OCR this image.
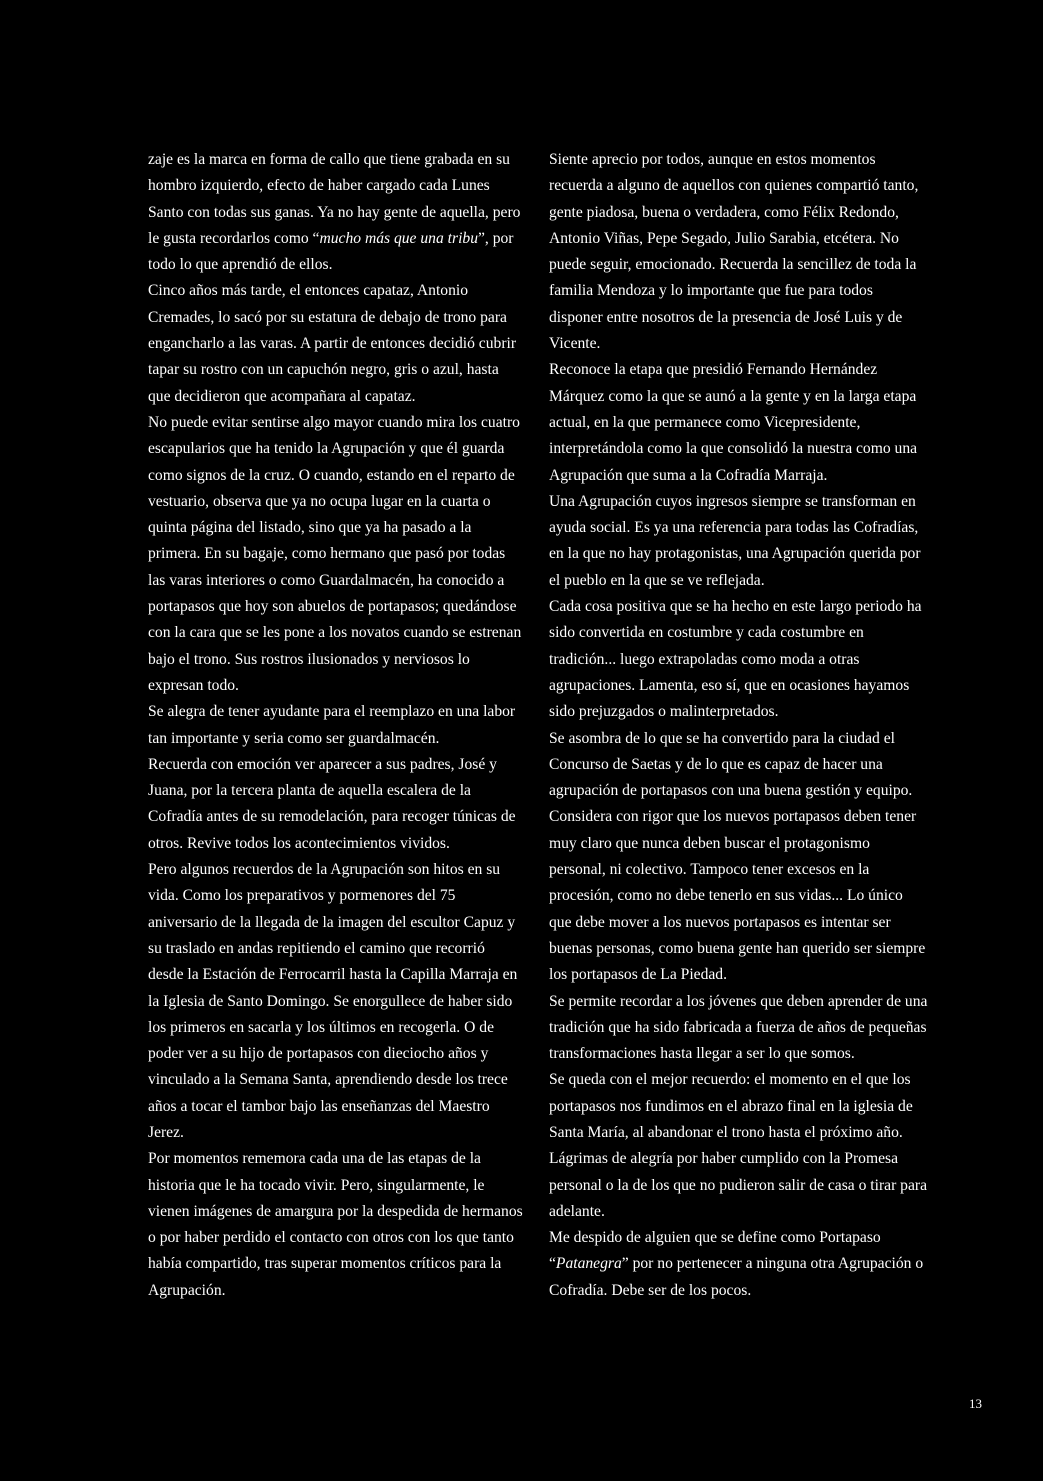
zaje es la marca en forma de callo que tiene grabada en su hombro izquierdo, efecto de haber cargado cada Lunes Santo con todas sus ganas. Ya no hay gente de aquella, pero le gusta recordarlos como “mucho más que una tribu”, por todo lo que aprendió de ellos.

Cinco años más tarde, el entonces capataz, Antonio Cremades, lo sacó por su estatura de debajo de trono para engancharlo a las varas. A partir de entonces decidió cubrir tapar su rostro con un capuchón negro, gris o azul, hasta que decidieron que acompañara al capataz.

No puede evitar sentirse algo mayor cuando mira los cuatro escapularios que ha tenido la Agrupación y que él guarda como signos de la cruz. O cuando, estando en el reparto de vestuario, observa que ya no ocupa lugar en la cuarta o quinta página del listado, sino que ya ha pasado a la primera. En su bagaje, como hermano que pasó por todas las varas interiores o como Guardalmacén, ha conocido a portapasos que hoy son abuelos de portapasos; quedándose con la cara que se les pone a los novatos cuando se estrenan bajo el trono. Sus rostros ilusionados y nerviosos lo expresan todo.

Se alegra de tener ayudante para el reemplazo en una labor tan importante y seria como ser guardalmacén.

Recuerda con emoción ver aparecer a sus padres, José y Juana, por la tercera planta de aquella escalera de la Cofradía antes de su remodelación, para recoger túnicas de otros. Revive todos los acontecimientos vividos.

Pero algunos recuerdos de la Agrupación son hitos en su vida. Como los preparativos y pormenores del 75 aniversario de la llegada de la imagen del escultor Capuz y su traslado en andas repitiendo el camino que recorrió desde la Estación de Ferrocarril hasta la Capilla Marraja en la Iglesia de Santo Domingo. Se enorgullece de haber sido los primeros en sacarla y los últimos en recogerla. O de poder ver a su hijo de portapasos con dieciocho años y vinculado a la Semana Santa, aprendiendo desde los trece años a tocar el tambor bajo las enseñanzas del Maestro Jerez.

Por momentos rememora cada una de las etapas de la historia que le ha tocado vivir. Pero, singularmente, le vienen imágenes de amargura por la despedida de hermanos o por haber perdido el contacto con otros con los que tanto había compartido, tras superar momentos críticos para la Agrupación.

Siente aprecio por todos, aunque en estos momentos recuerda a alguno de aquellos con quienes compartió tanto, gente piadosa, buena o verdadera, como Félix Redondo, Antonio Viñas, Pepe Segado, Julio Sarabia, etcétera. No puede seguir, emocionado. Recuerda la sencillez de toda la familia Mendoza y lo importante que fue para todos disponer entre nosotros de la presencia de José Luis y de Vicente.

Reconoce la etapa que presidió Fernando Hernández Márquez como la que se aunó a la gente y en la larga etapa actual, en la que permanece como Vicepresidente, interpretándola como la que consolidó la nuestra como una Agrupación que suma a la Cofradía Marraja.

Una Agrupación cuyos ingresos siempre se transforman en ayuda social. Es ya una referencia para todas las Cofradías, en la que no hay protagonistas, una Agrupación querida por el pueblo en la que se ve reflejada.

Cada cosa positiva que se ha hecho en este largo periodo ha sido convertida en costumbre y cada costumbre en tradición... luego extrapoladas como moda a otras agrupaciones. Lamenta, eso sí, que en ocasiones hayamos sido prejuzgados o malinterpretados.

Se asombra de lo que se ha convertido para la ciudad el Concurso de Saetas y de lo que es capaz de hacer una agrupación de portapasos con una buena gestión y equipo. Considera con rigor que los nuevos portapasos deben tener muy claro que nunca deben buscar el protagonismo personal, ni colectivo. Tampoco tener excesos en la procesión, como no debe tenerlo en sus vidas... Lo único que debe mover a los nuevos portapasos es intentar ser buenas personas, como buena gente han querido ser siempre los portapasos de La Piedad.

Se permite recordar a los jóvenes que deben aprender de una tradición que ha sido fabricada a fuerza de años de pequeñas transformaciones hasta llegar a ser lo que somos.

Se queda con el mejor recuerdo: el momento en el que los portapasos nos fundimos en el abrazo final en la iglesia de Santa María, al abandonar el trono hasta el próximo año. Lágrimas de alegría por haber cumplido con la Promesa personal o la de los que no pudieron salir de casa o tirar para adelante.

Me despido de alguien que se define como Portapaso “Patanegra” por no pertenecer a ninguna otra Agrupación o Cofradía. Debe ser de los pocos.

13
